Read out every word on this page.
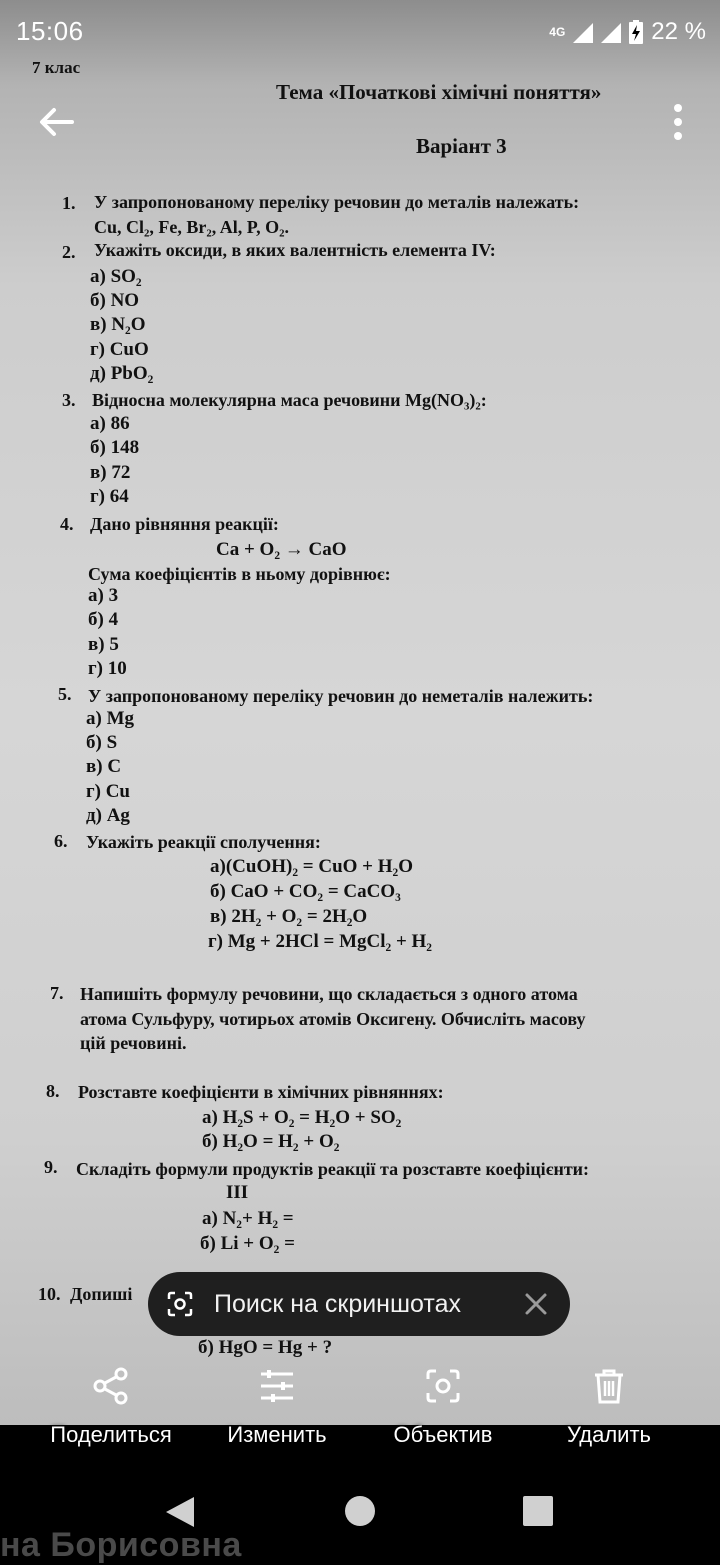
7 клас
Тема «Початкові хімічні поняття»
Варіант 3
1. У запропонованому переліку речовин до металів належать:
Cu, Cl₂, Fe, Br₂, Al, P, O₂.
2. Укажіть оксиди, в яких валентність елемента IV:
а) SO₂
б) NO
в) N₂O
г) CuO
д) PbO₂
3. Відносна молекулярна маса речовини Mg(NO₃)₂:
а) 86
б) 148
в) 72
г) 64
4. Дано рівняння реакції:
Ca + O₂ → CaO
Сума коефіцієнтів в ньому дорівнює:
а) 3
б) 4
в) 5
г) 10
5. У запропонованому переліку речовин до неметалів належить:
а) Mg
б) S
в) C
г) Cu
д) Ag
6. Укажіть реакції сполучення:
а)(CuOH)₂ = CuO + H₂O
б) CaO + CO₂ = CaCO₃
в) 2H₂ + O₂ = 2H₂O
г) Mg + 2HCl = MgCl₂ + H₂
7. Напишіть формулу речовини, що складається з одного атома
атома Сульфуру, чотирьох атомів Оксигену. Обчисліть масову
цій речовині.
8. Розставте коефіцієнти в хімічних рівняннях:
а) H₂S + O₂ = H₂O + SO₂
б) H₂O = H₂ + O₂
9. Складіть формули продуктів реакції та розставте коефіцієнти:
III
а) N₂+ H₂ =
б) Li + O₂ =
10. Допиші
б) HgO = Hg + ?
15:06	4G	22 %
Поиск на скриншотах
Поделиться	Изменить	Объектив	Удалить
на Борисовна
